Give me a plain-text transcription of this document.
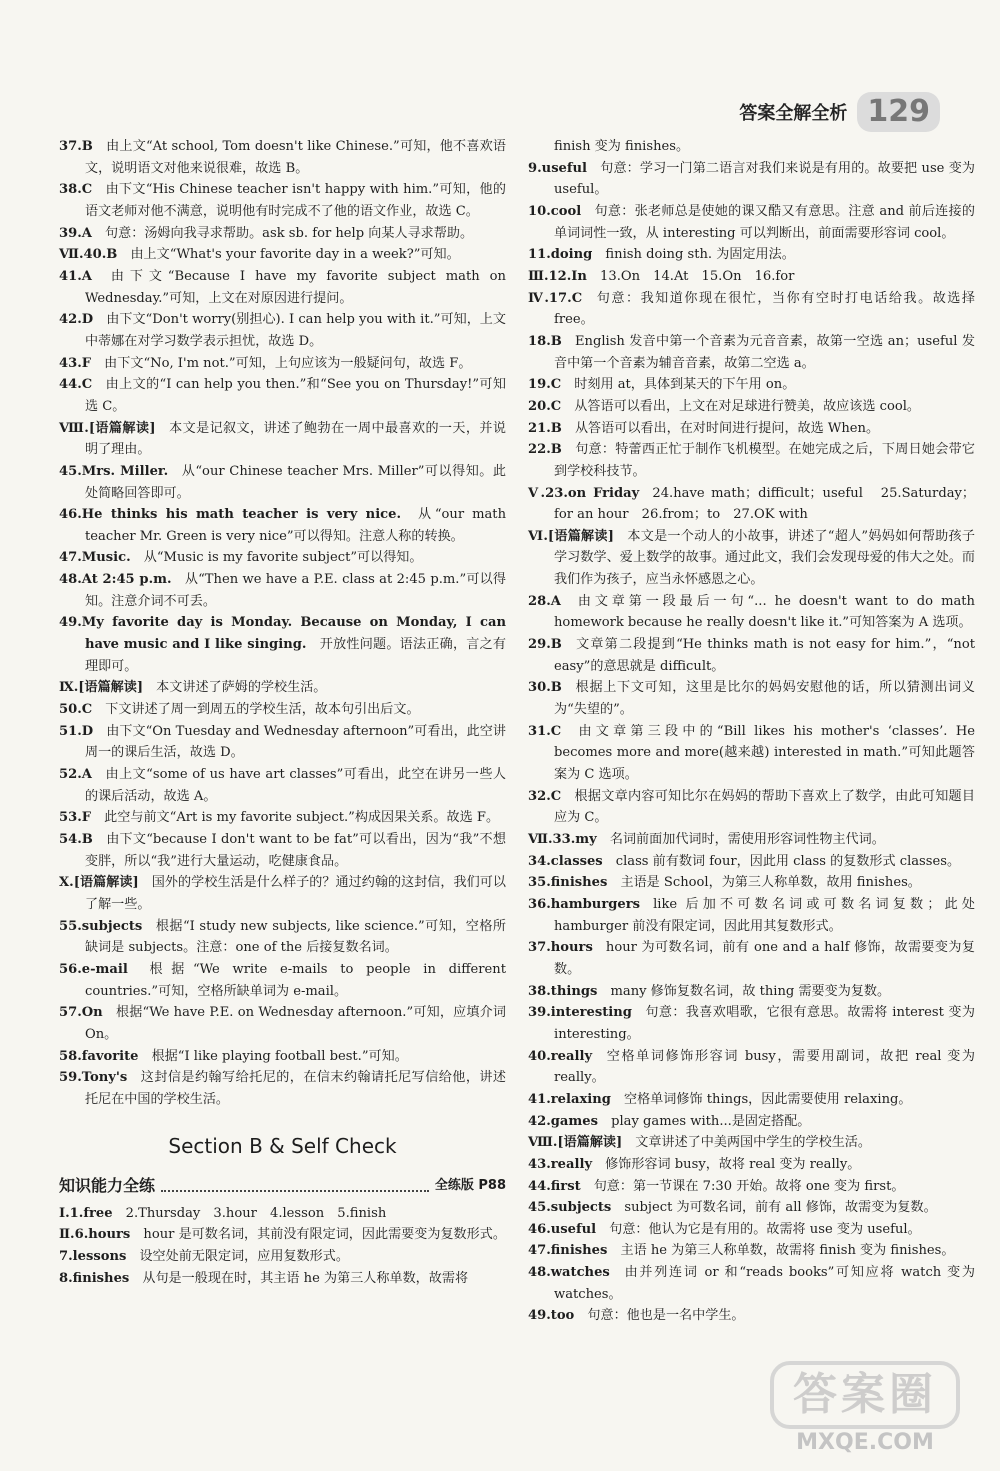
答案全解全析 129

37.B  由上文“At school, Tom doesn't like Chinese.”可知，他不喜欢语文，说明语文对他来说很难，故选 B。

38.C  由下文“His Chinese teacher isn't happy with him.”可知，他的语文老师对他不满意，说明他有时完成不了他的语文作业，故选 C。

39.A  句意：汤姆向我寻求帮助。ask sb. for help 向某人寻求帮助。

Ⅶ.40.B  由上文“What's your favorite day in a week?”可知。

41.A  由下文“Because I have my favorite subject math on Wednesday.”可知，上文在对原因进行提问。

42.D  由下文“Don't worry(别担心). I can help you with it.”可知，上文中蒂娜在对学习数学表示担忧，故选 D。

43.F  由下文“No, I'm not.”可知，上句应该为一般疑问句，故选 F。

44.C  由上文的“I can help you then.”和“See you on Thursday!”可知选 C。

Ⅷ.[语篇解读]  本文是记叙文，讲述了鲍勃在一周中最喜欢的一天，并说明了理由。

45.Mrs. Miller.  从“our Chinese teacher Mrs. Miller”可以得知。此处简略回答即可。

46.He thinks his math teacher is very nice.  从“our math teacher Mr. Green is very nice”可以得知。注意人称的转换。

47.Music.  从“Music is my favorite subject”可以得知。

48.At 2:45 p.m.  从“Then we have a P.E. class at 2:45 p.m.”可以得知。注意介词不可丢。

49.My favorite day is Monday. Because on Monday, I can have music and I like singing.  开放性问题。语法正确，言之有理即可。

Ⅸ.[语篇解读]  本文讲述了萨姆的学校生活。

50.C  下文讲述了周一到周五的学校生活，故本句引出后文。

51.D  由下文“On Tuesday and Wednesday afternoon”可看出，此空讲周一的课后生活，故选 D。

52.A  由上文“some of us have art classes”可看出，此空在讲另一些人的课后活动，故选 A。

53.F  此空与前文“Art is my favorite subject.”构成因果关系。故选 F。

54.B  由下文“because I don't want to be fat”可以看出，因为“我”不想变胖，所以“我”进行大量运动，吃健康食品。

Ⅹ.[语篇解读]  国外的学校生活是什么样子的？通过约翰的这封信，我们可以了解一些。

55.subjects  根据“I study new subjects, like science.”可知，空格所缺词是 subjects。注意：one of the 后接复数名词。

56.e-mail  根据“We write e-mails to people in different countries.”可知，空格所缺单词为 e-mail。

57.On  根据“We have P.E. on Wednesday afternoon.”可知，应填介词 On。

58.favorite  根据“I like playing football best.”可知。

59.Tony's  这封信是约翰写给托尼的，在信末约翰请托尼写信给他，讲述托尼在中国的学校生活。

Section B & Self Check
知识能力全练	全练版 P88

Ⅰ.1.free  2.Thursday　3.hour　4.lesson　5.finish

Ⅱ.6.hours  hour 是可数名词，其前没有限定词，因此需要变为复数形式。

7.lessons  设空处前无限定词，应用复数形式。

8.finishes  从句是一般现在时，其主语 he 为第三人称单数，故需将

finish 变为 finishes。

9.useful  句意：学习一门第二语言对我们来说是有用的。故要把 use 变为 useful。

10.cool  句意：张老师总是使她的课又酷又有意思。注意 and 前后连接的单词词性一致，从 interesting 可以判断出，前面需要形容词 cool。

11.doing  finish doing sth. 为固定用法。

Ⅲ.12.In  13.On　14.At　15.On　16.for

Ⅳ.17.C  句意：我知道你现在很忙，当你有空时打电话给我。故选择 free。

18.B  English 发音中第一个音素为元音音素，故第一空选 an；useful 发音中第一个音素为辅音音素，故第二空选 a。

19.C  时刻用 at，具体到某天的下午用 on。

20.C  从答语可以看出，上文在对足球进行赞美，故应该选 cool。

21.B  从答语可以看出，在对时间进行提问，故选 When。

22.B  句意：特蕾西正忙于制作飞机模型。在她完成之后，下周日她会带它到学校科技节。

Ⅴ.23.on Friday  24.have math；difficult；useful　25.Saturday；for an hour　26.from；to　27.OK with

Ⅵ.[语篇解读]  本文是一个动人的小故事，讲述了“超人”妈妈如何帮助孩子学习数学、爱上数学的故事。通过此文，我们会发现母爱的伟大之处。而我们作为孩子，应当永怀感恩之心。

28.A  由文章第一段最后一句“... he doesn't want to do math homework because he really doesn't like it.”可知答案为 A 选项。

29.B  文章第二段提到“He thinks math is not easy for him.”，“not easy”的意思就是 difficult。

30.B  根据上下文可知，这里是比尔的妈妈安慰他的话，所以猜测出词义为“失望的”。

31.C  由文章第三段中的“Bill likes his mother's ‘classes’. He becomes more and more(越来越) interested in math.”可知此题答案为 C 选项。

32.C  根据文章内容可知比尔在妈妈的帮助下喜欢上了数学，由此可知题目应为 C。

Ⅶ.33.my  名词前面加代词时，需使用形容词性物主代词。

34.classes  class 前有数词 four，因此用 class 的复数形式 classes。

35.finishes  主语是 School，为第三人称单数，故用 finishes。

36.hamburgers  like 后加不可数名词或可数名词复数；此处 hamburger 前没有限定词，因此用其复数形式。

37.hours  hour 为可数名词，前有 one and a half 修饰，故需要变为复数。

38.things  many 修饰复数名词，故 thing 需要变为复数。

39.interesting  句意：我喜欢唱歌，它很有意思。故需将 interest 变为 interesting。

40.really  空格单词修饰形容词 busy，需要用副词，故把 real 变为 really。

41.relaxing  空格单词修饰 things，因此需要使用 relaxing。

42.games  play games with...是固定搭配。

Ⅷ.[语篇解读]  文章讲述了中美两国中学生的学校生活。

43.really  修饰形容词 busy，故将 real 变为 really。

44.first  句意：第一节课在 7:30 开始。故将 one 变为 first。

45.subjects  subject 为可数名词，前有 all 修饰，故需变为复数。

46.useful  句意：他认为它是有用的。故需将 use 变为 useful。

47.finishes  主语 he 为第三人称单数，故需将 finish 变为 finishes。

48.watches  由并列连词 or 和“reads books”可知应将 watch 变为 watches。

49.too  句意：他也是一名中学生。

答案圈
MXQE.COM
